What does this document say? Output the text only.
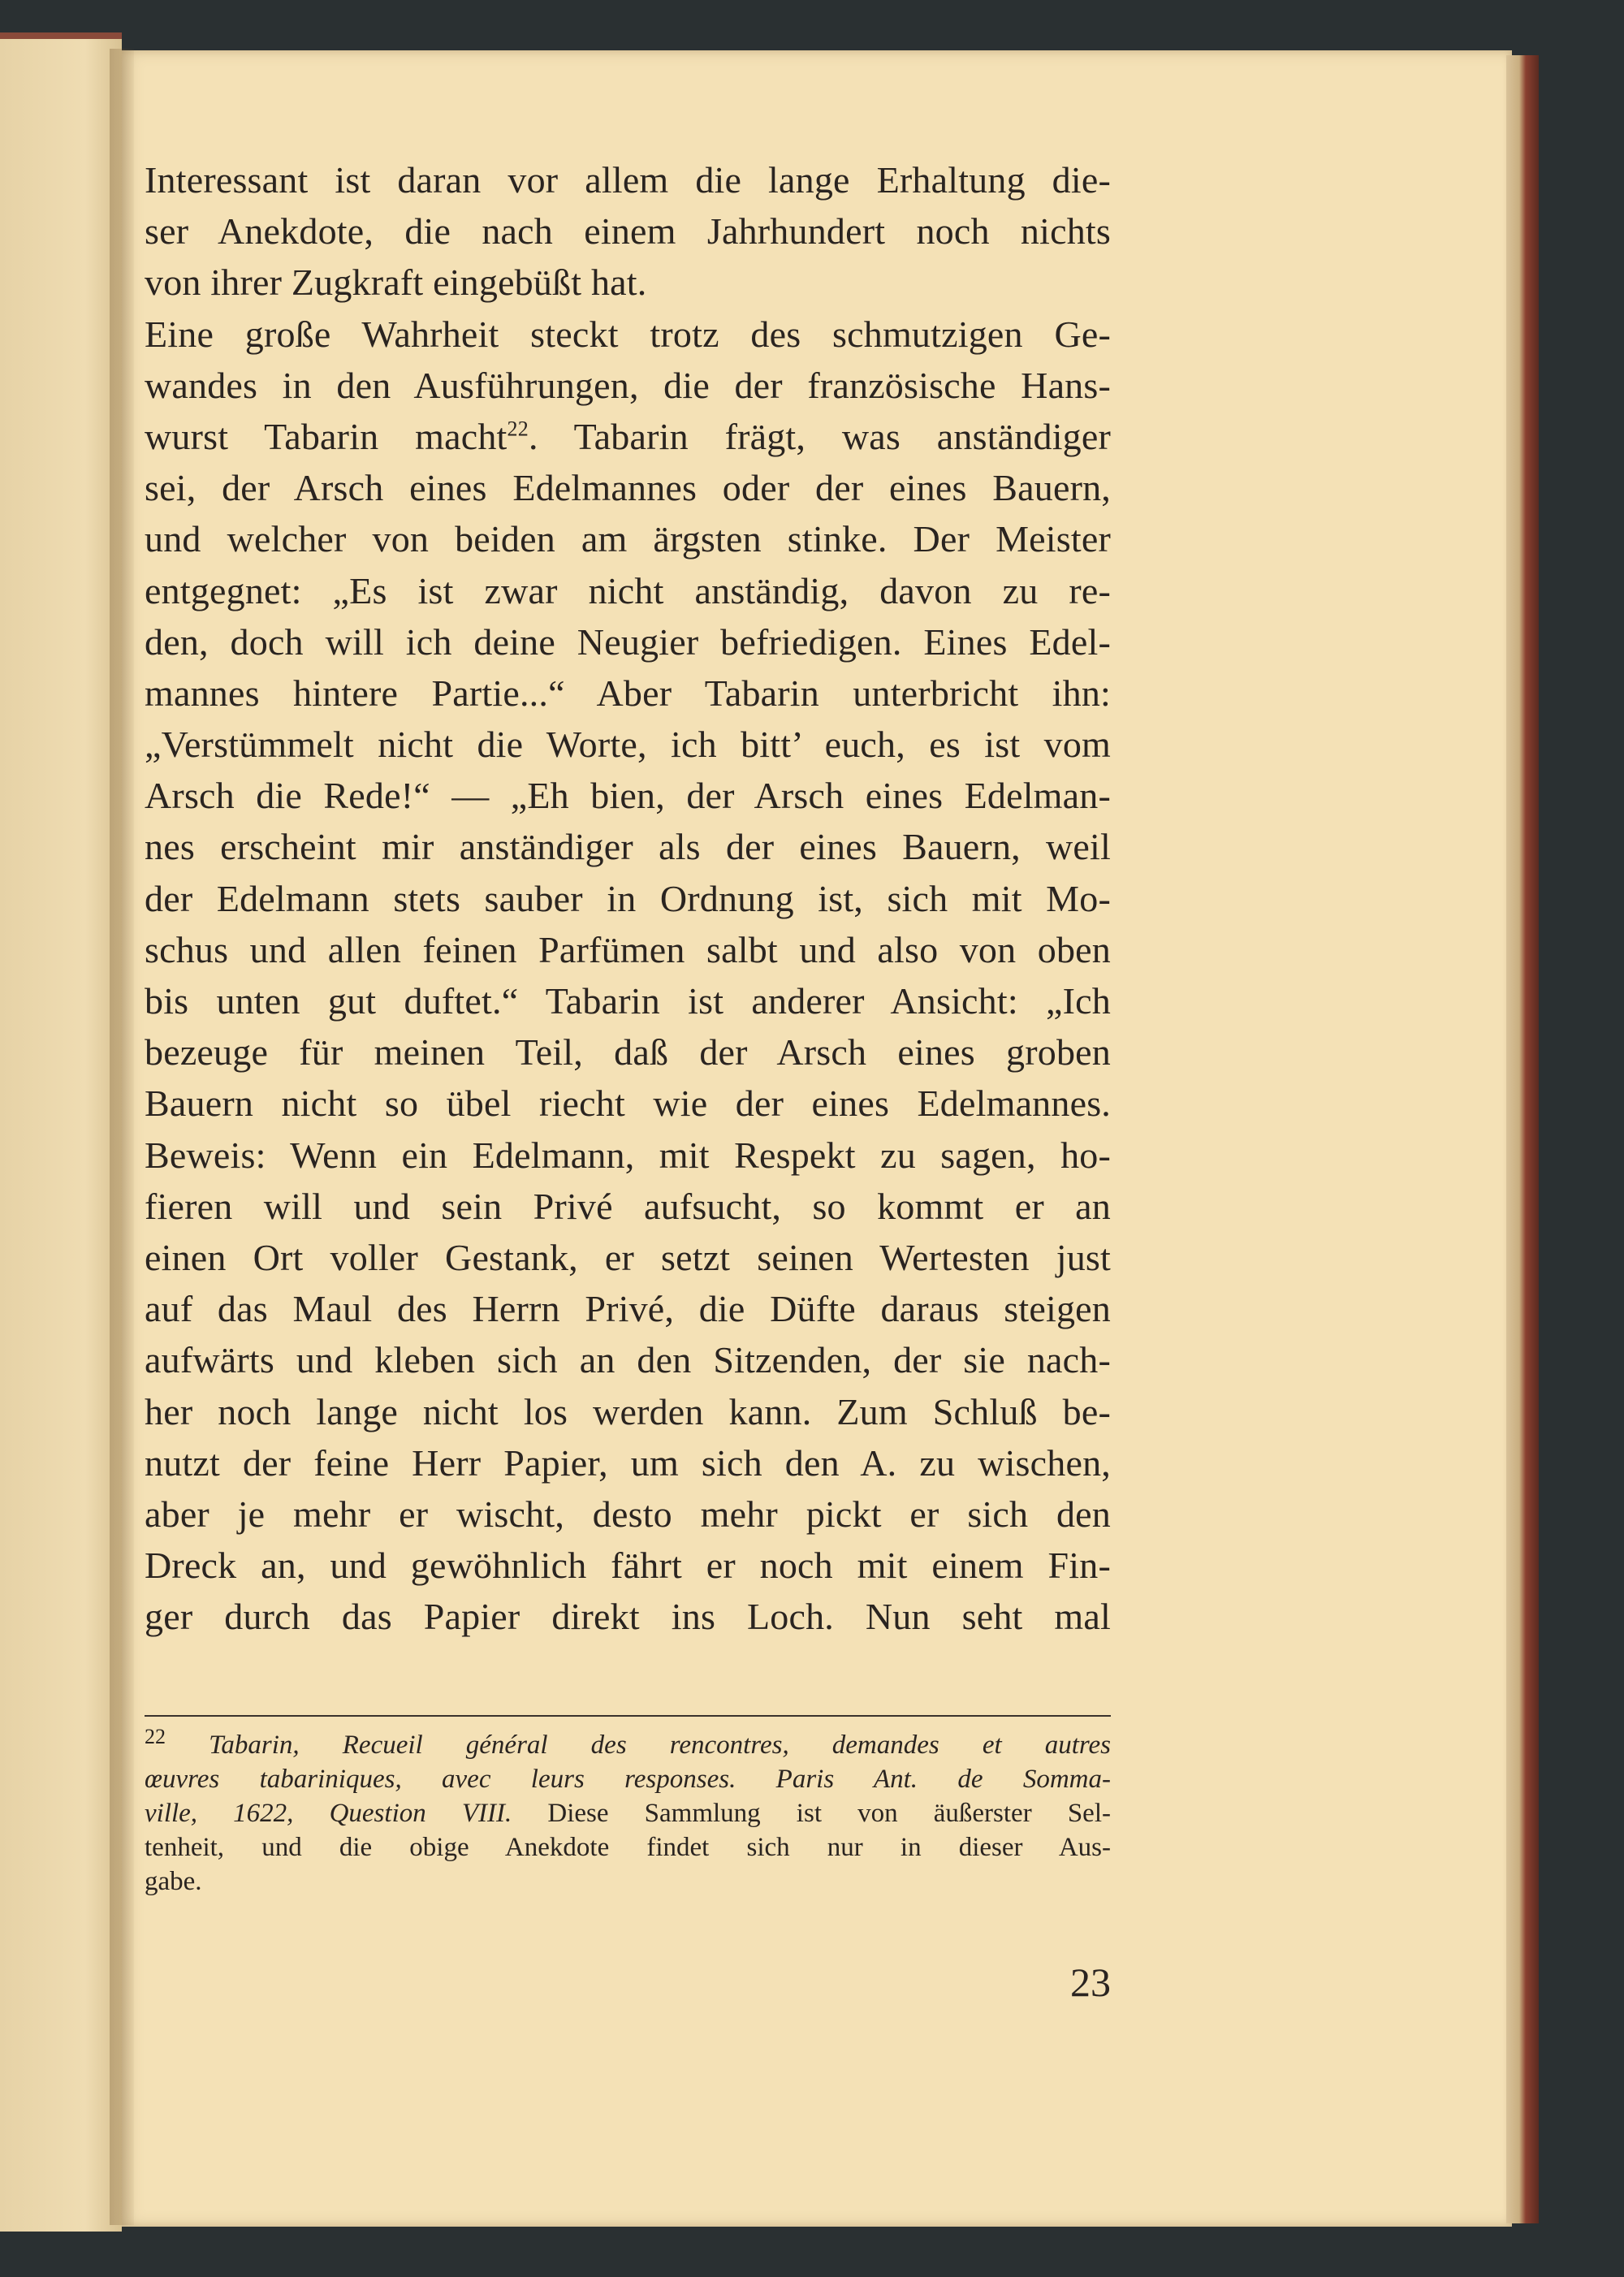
Interessant ist daran vor allem die lange Erhaltung die-
ser Anekdote, die nach einem Jahrhundert noch nichts
von ihrer Zugkraft eingebüßt hat.
Eine große Wahrheit steckt trotz des schmutzigen Ge-
wandes in den Ausführungen, die der französische Hans-
wurst Tabarin macht$^{22}$. Tabarin frägt, was anständiger
sei, der Arsch eines Edelmannes oder der eines Bauern,
und welcher von beiden am ärgsten stinke. Der Meister
entgegnet: „Es ist zwar nicht anständig, davon zu re-
den, doch will ich deine Neugier befriedigen. Eines Edel-
mannes hintere Partie...“ Aber Tabarin unterbricht ihn:
„Verstümmelt nicht die Worte, ich bitt’ euch, es ist vom
Arsch die Rede!“ — „Eh bien, der Arsch eines Edelman-
nes erscheint mir anständiger als der eines Bauern, weil
der Edelmann stets sauber in Ordnung ist, sich mit Mo-
schus und allen feinen Parfümen salbt und also von oben
bis unten gut duftet.“ Tabarin ist anderer Ansicht: „Ich
bezeuge für meinen Teil, daß der Arsch eines groben
Bauern nicht so übel riecht wie der eines Edelmannes.
Beweis: Wenn ein Edelmann, mit Respekt zu sagen, ho-
fieren will und sein Privé aufsucht, so kommt er an
einen Ort voller Gestank, er setzt seinen Wertesten just
auf das Maul des Herrn Privé, die Düfte daraus steigen
aufwärts und kleben sich an den Sitzenden, der sie nach-
her noch lange nicht los werden kann. Zum Schluß be-
nutzt der feine Herr Papier, um sich den A. zu wischen,
aber je mehr er wischt, desto mehr pickt er sich den
Dreck an, und gewöhnlich fährt er noch mit einem Fin-
ger durch das Papier direkt ins Loch. Nun seht mal
$^{22}$ Tabarin, Recueil général des rencontres, demandes et autres
œuvres tabariniques, avec leurs responses. Paris Ant. de Somma-
ville, 1622, Question VIII. Diese Sammlung ist von äußerster Sel-
tenheit, und die obige Anekdote findet sich nur in dieser Aus-
gabe.
23
